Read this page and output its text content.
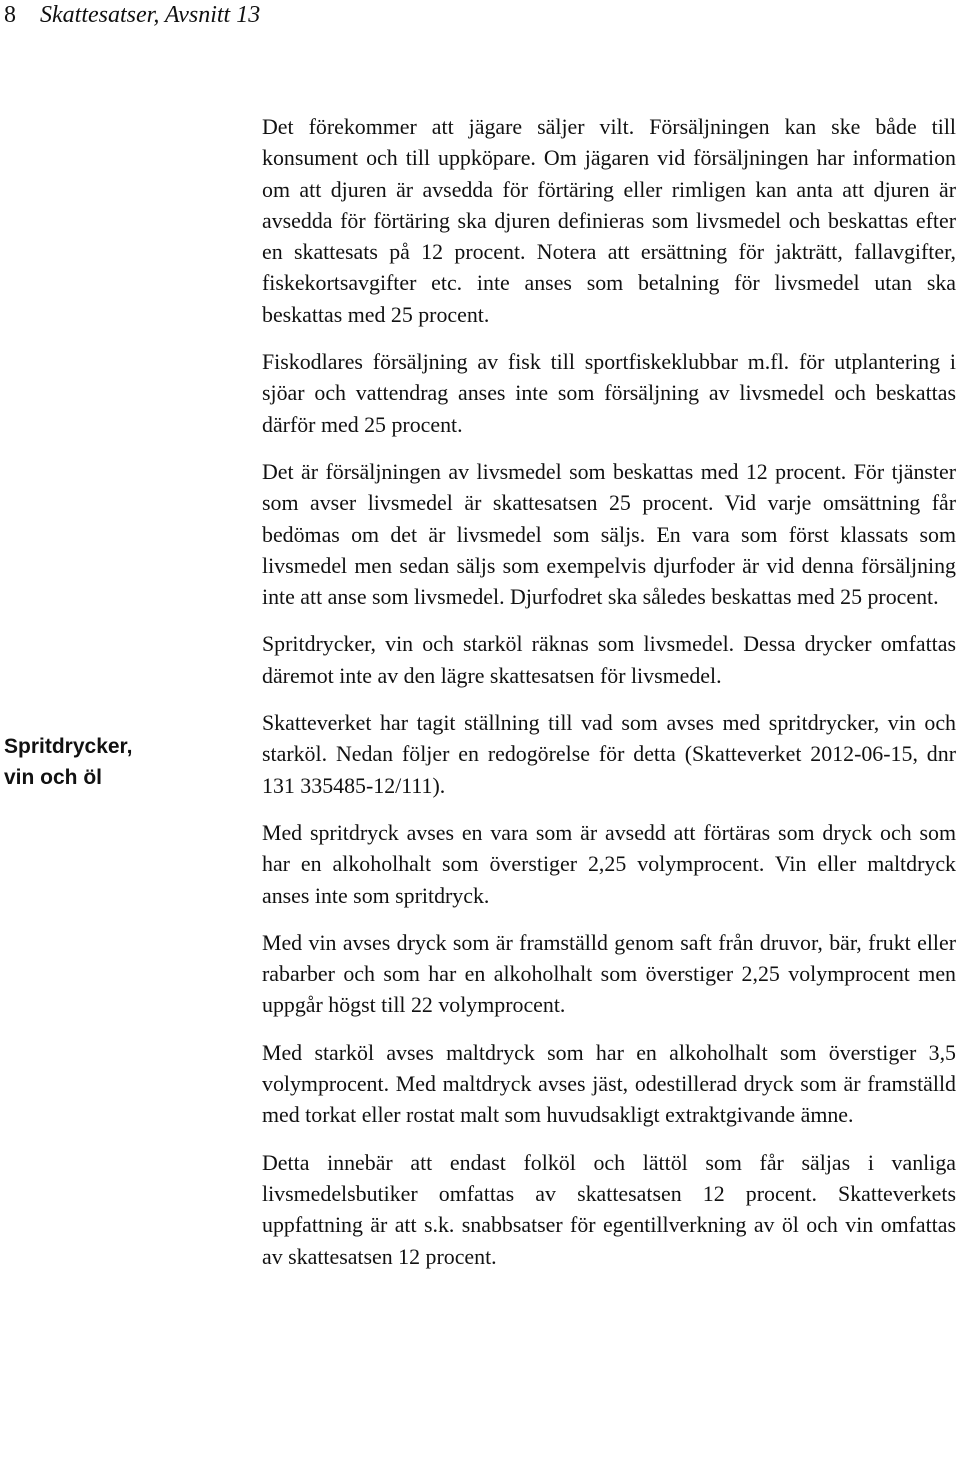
8 Skattesatser, Avsnitt 13
Spritdrycker,
vin och öl

Det förekommer att jägare säljer vilt. Försäljningen kan ske både till konsument och till uppköpare. Om jägaren vid försäljningen har information om att djuren är avsedda för förtäring eller rimligen kan anta att djuren är avsedda för förtäring ska djuren definieras som livsmedel och beskattas efter en skattesats på 12 procent. Notera att ersättning för jakträtt, fallavgifter, fiskekortsavgifter etc. inte anses som betalning för livsmedel utan ska beskattas med 25 procent.

Fiskodlares försäljning av fisk till sportfiskeklubbar m.fl. för utplantering i sjöar och vattendrag anses inte som försäljning av livsmedel och beskattas därför med 25 procent.

Det är försäljningen av livsmedel som beskattas med 12 procent. För tjänster som avser livsmedel är skattesatsen 25 procent. Vid varje omsättning får bedömas om det är livsmedel som säljs. En vara som först klassats som livsmedel men sedan säljs som exempelvis djurfoder är vid denna försäljning inte att anse som livsmedel. Djurfodret ska således beskattas med 25 procent.

Spritdrycker, vin och starköl räknas som livsmedel. Dessa drycker omfattas däremot inte av den lägre skattesatsen för livsmedel.

Skatteverket har tagit ställning till vad som avses med spritdrycker, vin och starköl. Nedan följer en redogörelse för detta (Skatteverket 2012-06-15, dnr 131 335485-12/111).

Med spritdryck avses en vara som är avsedd att förtäras som dryck och som har en alkoholhalt som överstiger 2,25 volymprocent. Vin eller maltdryck anses inte som spritdryck.

Med vin avses dryck som är framställd genom saft från druvor, bär, frukt eller rabarber och som har en alkoholhalt som överstiger 2,25 volymprocent men uppgår högst till 22 volymprocent.

Med starköl avses maltdryck som har en alkoholhalt som överstiger 3,5 volymprocent. Med maltdryck avses jäst, odestillerad dryck som är framställd med torkat eller rostat malt som huvudsakligt extraktgivande ämne.

Detta innebär att endast folköl och lättöl som får säljas i vanliga livsmedelsbutiker omfattas av skattesatsen 12 procent. Skatteverkets uppfattning är att s.k. snabbsatser för egentillverkning av öl och vin omfattas av skattesatsen 12 procent.
